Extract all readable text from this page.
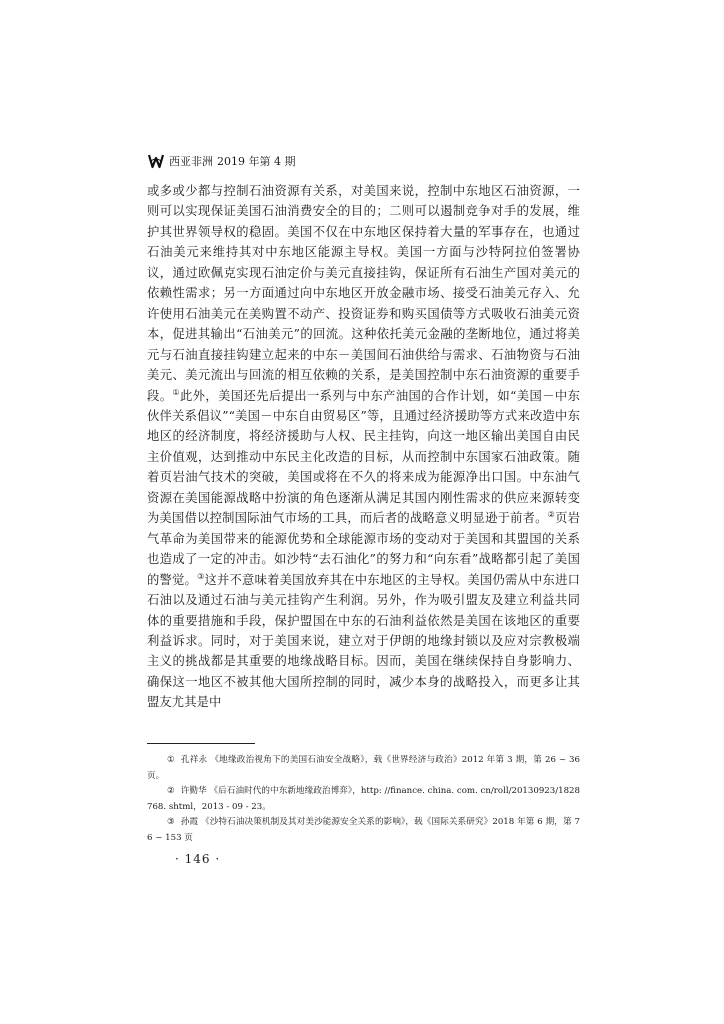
西亚非洲 2019 年第 4 期

或多或少都与控制石油资源有关系，对美国来说，控制中东地区石油资源，一则可以实现保证美国石油消费安全的目的；二则可以遏制竞争对手的发展，维护其世界领导权的稳固。美国不仅在中东地区保持着大量的军事存在，也通过石油美元来维持其对中东地区能源主导权。美国一方面与沙特阿拉伯签署协议，通过欧佩克实现石油定价与美元直接挂钩，保证所有石油生产国对美元的依赖性需求；另一方面通过向中东地区开放金融市场、接受石油美元存入、允许使用石油美元在美购置不动产、投资证券和购买国债等方式吸收石油美元资本，促进其输出“石油美元”的回流。这种依托美元金融的垄断地位，通过将美元与石油直接挂钩建立起来的中东－美国间石油供给与需求、石油物资与石油美元、美元流出与回流的相互依赖的关系，是美国控制中东石油资源的重要手段。①此外，美国还先后提出一系列与中东产油国的合作计划，如“美国－中东伙伴关系倡议”“美国－中东自由贸易区”等，且通过经济援助等方式来改造中东地区的经济制度，将经济援助与人权、民主挂钩，向这一地区输出美国自由民主价值观，达到推动中东民主化改造的目标，从而控制中东国家石油政策。随着页岩油气技术的突破，美国或将在不久的将来成为能源净出口国。中东油气资源在美国能源战略中扮演的角色逐渐从满足其国内刚性需求的供应来源转变为美国借以控制国际油气市场的工具，而后者的战略意义明显逊于前者。②页岩气革命为美国带来的能源优势和全球能源市场的变动对于美国和其盟国的关系也造成了一定的冲击。如沙特“去石油化”的努力和“向东看”战略都引起了美国的警觉。③这并不意味着美国放弃其在中东地区的主导权。美国仍需从中东进口石油以及通过石油与美元挂钩产生利润。另外，作为吸引盟友及建立利益共同体的重要措施和手段，保护盟国在中东的石油利益依然是美国在该地区的重要利益诉求。同时，对于美国来说，建立对于伊朗的地缘封锁以及应对宗教极端主义的挑战都是其重要的地缘战略目标。因而，美国在继续保持自身影响力、确保这一地区不被其他大国所控制的同时，减少本身的战略投入，而更多让其盟友尤其是中

① 孔祥永 《地缘政治视角下的美国石油安全战略》，载《世界经济与政治》2012 年第 3 期，第 26 ~ 36 页。

② 许勤华 《后石油时代的中东新地缘政治博弈》，http: //finance. china. com. cn/roll/20130923/1828768. shtml，2013 - 09 - 23。

③ 孙霞 《沙特石油决策机制及其对美沙能源安全关系的影响》，载《国际关系研究》2018 年第 6 期，第 76 ~ 153 页

· 146 ·
